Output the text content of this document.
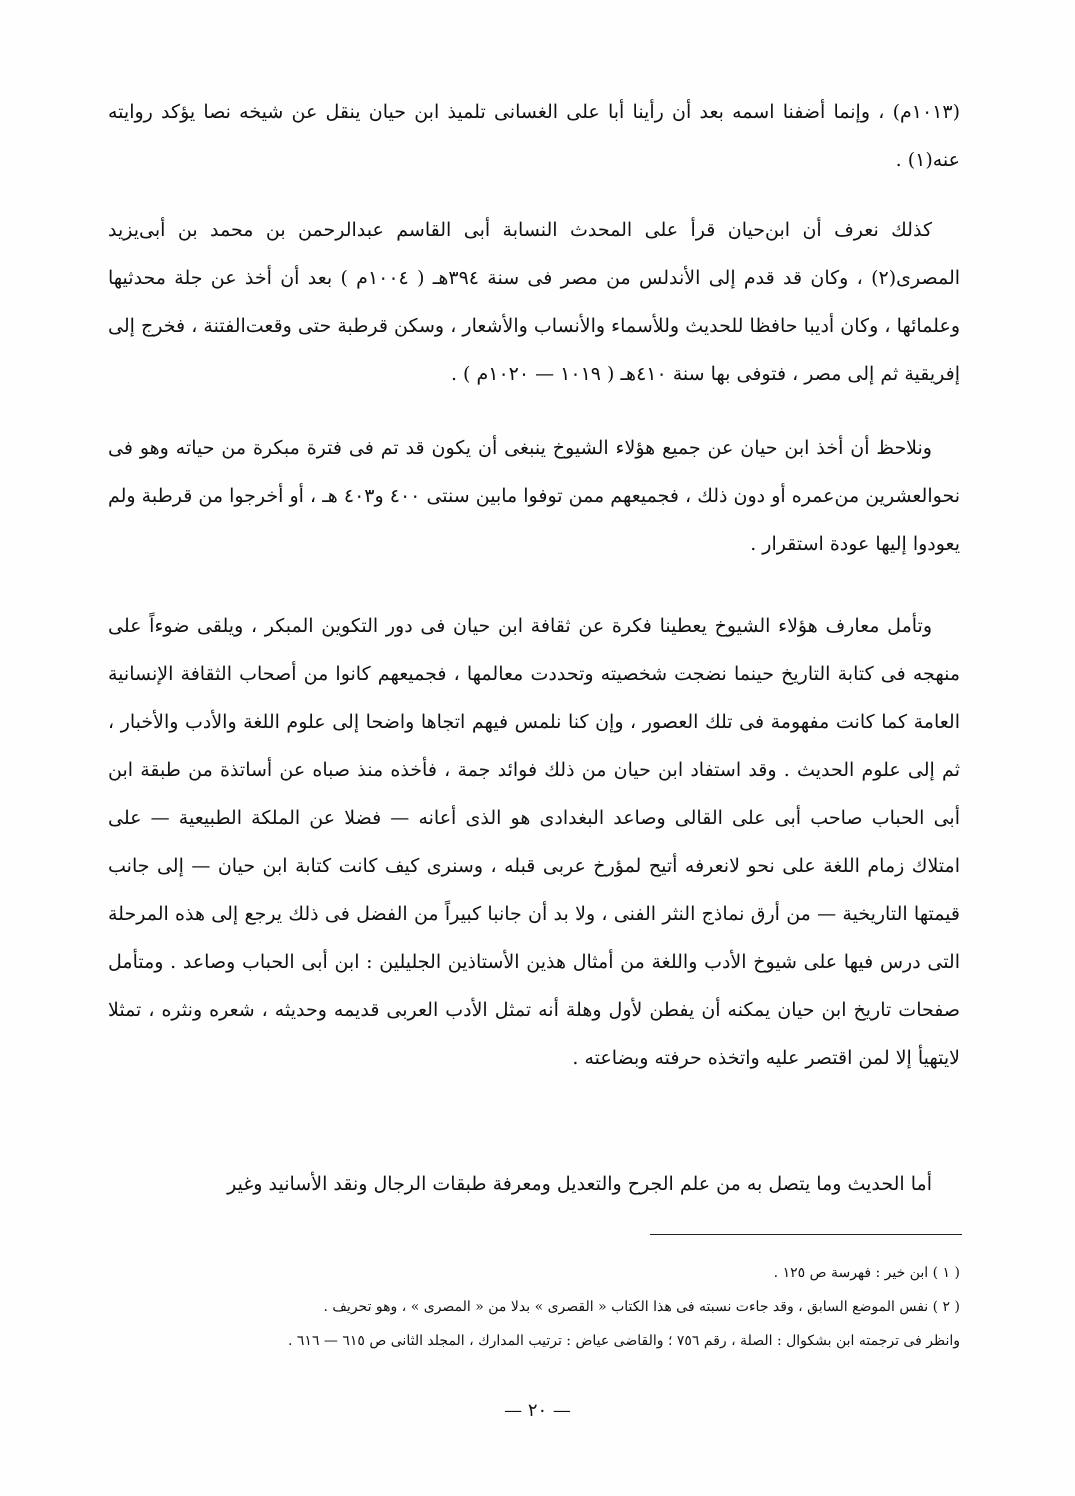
(١٠١٣م) ، وإنما أضفنا اسمه بعد أن رأينا أبا على الغسانى تلميذ ابن حيان ينقل عن شيخه نصا يؤكد روايته عنه(١) .

كذلك نعرف أن ابن‌حيان قرأ على المحدث النسابة أبى القاسم عبدالرحمن بن محمد بن أبى‌يزيد المصرى(٢) ، وكان قد قدم إلى الأندلس من مصر فى سنة ٣٩٤هـ ( ١٠٠٤م ) بعد أن أخذ عن جلة محدثيها وعلمائها ، وكان أديبا حافظا للحديث وللأسماء والأنساب والأشعار ، وسكن قرطبة حتى وقعت‌الفتنة ، فخرج إلى إفريقية ثم إلى مصر ، فتوفى بها سنة ٤١٠هـ ( ١٠١٩ — ١٠٢٠م ) .

ونلاحظ أن أخذ ابن حيان عن جميع هؤلاء الشيوخ ينبغى أن يكون قد تم فى فترة مبكرة من حياته وهو فى نحوالعشرين من‌عمره أو دون ذلك ، فجميعهم ممن توفوا مابين سنتى ٤٠٠ و٤٠٣ هـ ، أو أخرجوا من قرطبة ولم يعودوا إليها عودة استقرار .

وتأمل معارف هؤلاء الشيوخ يعطينا فكرة عن ثقافة ابن حيان فى دور التكوين المبكر ، ويلقى ضوءاً على منهجه فى كتابة التاريخ حينما نضجت شخصيته وتحددت معالمها ، فجميعهم كانوا من أصحاب الثقافة الإنسانية العامة كما كانت مفهومة فى تلك العصور ، وإن كنا نلمس فيهم اتجاها واضحا إلى علوم اللغة والأدب والأخبار ، ثم إلى علوم الحديث . وقد استفاد ابن حيان من ذلك فوائد جمة ، فأخذه منذ صباه عن أساتذة من طبقة ابن أبى الحباب صاحب أبى على القالى وصاعد البغدادى هو الذى أعانه — فضلا عن الملكة الطبيعية — على امتلاك زمام اللغة على نحو لانعرفه أتيح لمؤرخ عربى قبله ، وسنرى كيف كانت كتابة ابن حيان — إلى جانب قيمتها التاريخية — من أرق نماذج النثر الفنى ، ولا بد أن جانبا كبيراً من الفضل فى ذلك يرجع إلى هذه المرحلة التى درس فيها على شيوخ الأدب واللغة من أمثال هذين الأستاذين الجليلين : ابن أبى الحباب وصاعد . ومتأمل صفحات تاريخ ابن حيان يمكنه أن يفطن لأول وهلة أنه تمثل الأدب العربى قديمه وحديثه ، شعره ونثره ، تمثلا لايتهيأ إلا لمن اقتصر عليه واتخذه حرفته وبضاعته .

أما الحديث وما يتصل به من علم الجرح والتعديل ومعرفة طبقات الرجال ونقد الأسانيد وغير

( ١ ) ابن خير : فهرسة ص ١٢٥ .

( ٢ ) نفس الموضع السابق ، وقد جاءت نسبته فى هذا الكتاب « القصرى » بدلا من « المصرى » ، وهو تحريف .

وانظر فى ترجمته ابن بشكوال : الصلة ، رقم ٧٥٦ ؛ والقاضى عياض : ترتيب المدارك ، المجلد الثانى ص ٦١٥ — ٦١٦ .

— ٢٠ —
